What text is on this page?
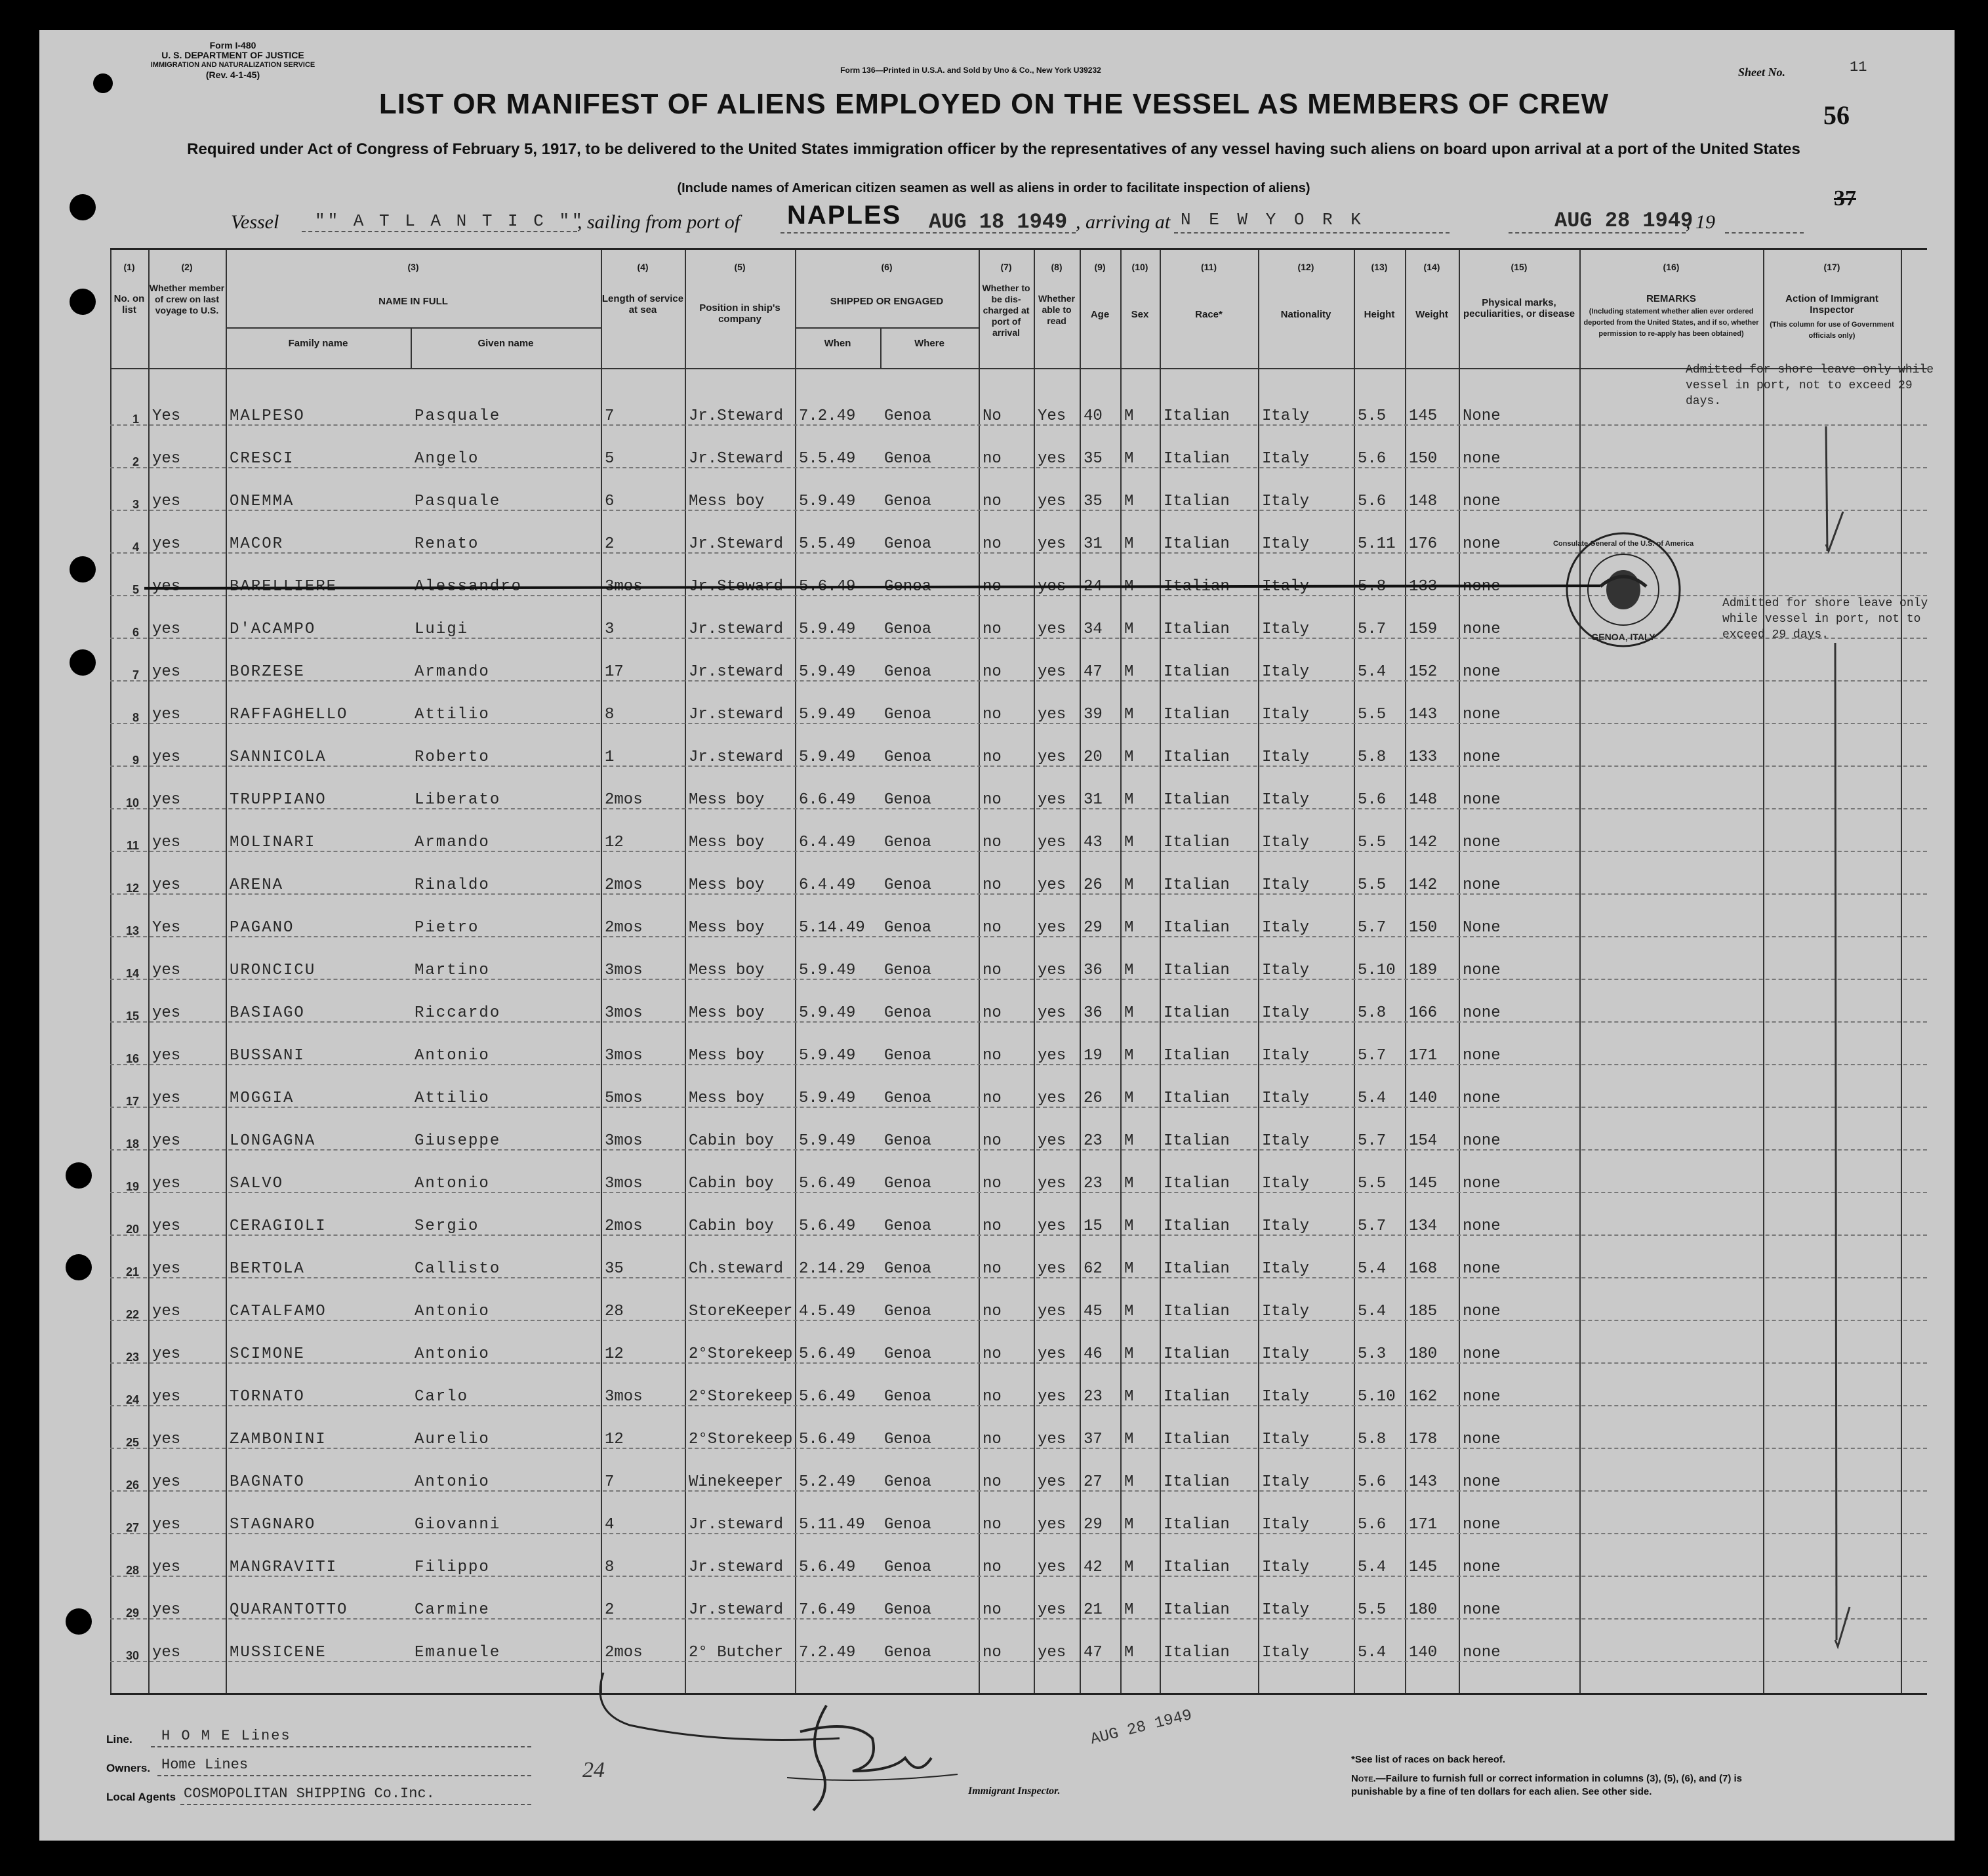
Form I-480
U. S. DEPARTMENT OF JUSTICE
IMMIGRATION AND NATURALIZATION SERVICE
(Rev. 4-1-45)	Form 136—Printed in U.S.A. and Sold by Uno & Co., New York U39232	Sheet No.	11
56
LIST OR MANIFEST OF ALIENS EMPLOYED ON THE VESSEL AS MEMBERS OF CREW
Required under Act of Congress of February 5, 1917, to be delivered to the United States immigration officer by the representatives of any vessel having such aliens on board upon arrival at a port of the United States
(Include names of American citizen seamen as well as aliens in order to facilitate inspection of aliens)
Vessel "" A T L A N T I C ""
, sailing from port of NAPLES AUG 18 1949 , arriving at N E W Y O R K	AUG 28 1949
, 19
37
(1)	(2)	(3)	(4)	(5)	(6)	(7)	(8)	(9)	(10)	(11)	(12)	(13)	(14)	(15)	(16)	(17)
No. on list
Whether member of crew on last voyage to U.S.
NAME IN FULL
Family name	Given name
Length of service at sea	Position in ship's company
SHIPPED OR ENGAGED
When	Where
Whether to be dis-charged at port of arrival
Whether able to read
Age	Sex	Race*	Nationality	Height	Weight
Physical marks, peculiarities, or disease
REMARKS
(Including statement whether alien ever ordered deported from the United States, and if so, whether permission to re-apply has been obtained)
Action of Immigrant Inspector
(This column for use of Government officials only)
1 Yes	MALPESO	Pasquale	7	Jr.Steward 7.2.49 Genoa	No Yes 40 M Italian Italy	5.5 145 None
2 yes	CRESCI	Angelo	5	Jr.Steward 5.5.49 Genoa	no yes 35 M Italian Italy	5.6 150 none
3 yes	ONEMMA	Pasquale	6	Mess boy 5.9.49 Genoa	no yes 35 M Italian Italy	5.6 148 none
4 yes	MACOR	Renato	2	Jr.Steward 5.5.49 Genoa	no yes 31 M Italian Italy	5.11 176 none
5 yes	BARELLIERE	Alessandro	3mos	Jr.Steward 5.6.49 Genoa	no yes 24 M Italian Italy	5.8 133 none
6 yes	D'ACAMPO	Luigi	3	Jr.steward 5.9.49 Genoa	no yes 34 M Italian Italy	5.7 159 none
7 yes	BORZESE	Armando	17	Jr.steward 5.9.49 Genoa	no yes 47 M Italian Italy	5.4 152 none
8 yes	RAFFAGHELLO	Attilio	8	Jr.steward 5.9.49 Genoa	no yes 39 M Italian Italy	5.5 143 none
9 yes	SANNICOLA	Roberto	1	Jr.steward 5.9.49 Genoa	no yes 20 M Italian Italy	5.8 133 none
10 yes	TRUPPIANO	Liberato	2mos	Mess boy 6.6.49 Genoa	no yes 31 M Italian Italy	5.6 148 none
11 yes	MOLINARI	Armando	12	Mess boy 6.4.49 Genoa	no yes 43 M Italian Italy	5.5 142 none
12 yes	ARENA	Rinaldo	2mos	Mess boy 6.4.49 Genoa	no yes 26 M Italian Italy	5.5 142 none
13 Yes	PAGANO	Pietro	2mos	Mess boy 5.14.49 Genoa	no yes 29 M Italian Italy	5.7 150 None
14 yes	URONCICU	Martino	3mos	Mess boy 5.9.49 Genoa	no yes 36 M Italian Italy	5.10 189 none
15 yes	BASIAGO	Riccardo	3mos	Mess boy 5.9.49 Genoa	no yes 36 M Italian Italy	5.8 166 none
16 yes	BUSSANI	Antonio	3mos	Mess boy 5.9.49 Genoa	no yes 19 M Italian Italy	5.7 171 none
17 yes	MOGGIA	Attilio	5mos	Mess boy 5.9.49 Genoa	no yes 26 M Italian Italy	5.4 140 none
18 yes	LONGAGNA	Giuseppe	3mos	Cabin boy 5.9.49 Genoa	no yes 23 M Italian Italy	5.7 154 none
19 yes	SALVO	Antonio	3mos	Cabin boy 5.6.49 Genoa	no yes 23 M Italian Italy	5.5 145 none
20 yes	CERAGIOLI	Sergio	2mos	Cabin boy 5.6.49 Genoa	no yes 15 M Italian Italy	5.7 134 none
21 yes	BERTOLA	Callisto	35	Ch.steward 2.14.29 Genoa	no yes 62 M Italian Italy	5.4 168 none
22 yes	CATALFAMO	Antonio	28	StoreKeeper 4.5.49 Genoa	no yes 45 M Italian Italy	5.4 185 none
23 yes	SCIMONE	Antonio	12	2°Storekeep 5.6.49 Genoa	no yes 46 M Italian Italy	5.3 180 none
24 yes	TORNATO	Carlo	3mos	2°Storekeep 5.6.49 Genoa	no yes 23 M Italian Italy	5.10 162 none
25 yes	ZAMBONINI	Aurelio	12	2°Storekeep 5.6.49 Genoa	no yes 37 M Italian Italy	5.8 178 none
26 yes	BAGNATO	Antonio	7	Winekeeper 5.2.49 Genoa	no yes 27 M Italian Italy	5.6 143 none
27 yes	STAGNARO	Giovanni	4	Jr.steward 5.11.49 Genoa	no yes 29 M Italian Italy	5.6 171 none
28 yes	MANGRAVITI	Filippo	8	Jr.steward 5.6.49 Genoa	no yes 42 M Italian Italy	5.4 145 none
29 yes	QUARANTOTTO	Carmine	2	Jr.steward 7.6.49 Genoa	no yes 21 M Italian Italy	5.5 180 none
30 yes	MUSSICENE	Emanuele	2mos	2° Butcher 7.2.49 Genoa	no yes 47 M Italian Italy	5.4 140 none
Admitted for shore leave only while vessel in port, not to exceed 29 days.
Admitted for shore leave only while vessel in port, not to exceed 29 days.
GENOA, ITALY
Consulate General of the U.S. of America
Line. H O M E Lines
Owners. Home Lines
Local Agents COSMOPOLITAN SHIPPING Co.Inc.
24
AUG 28 1949
Immigrant Inspector.
*See list of races on back hereof.
Note.—Failure to furnish full or correct information in columns (3), (5), (6), and (7) is punishable by a fine of ten dollars for each alien. See other side.
